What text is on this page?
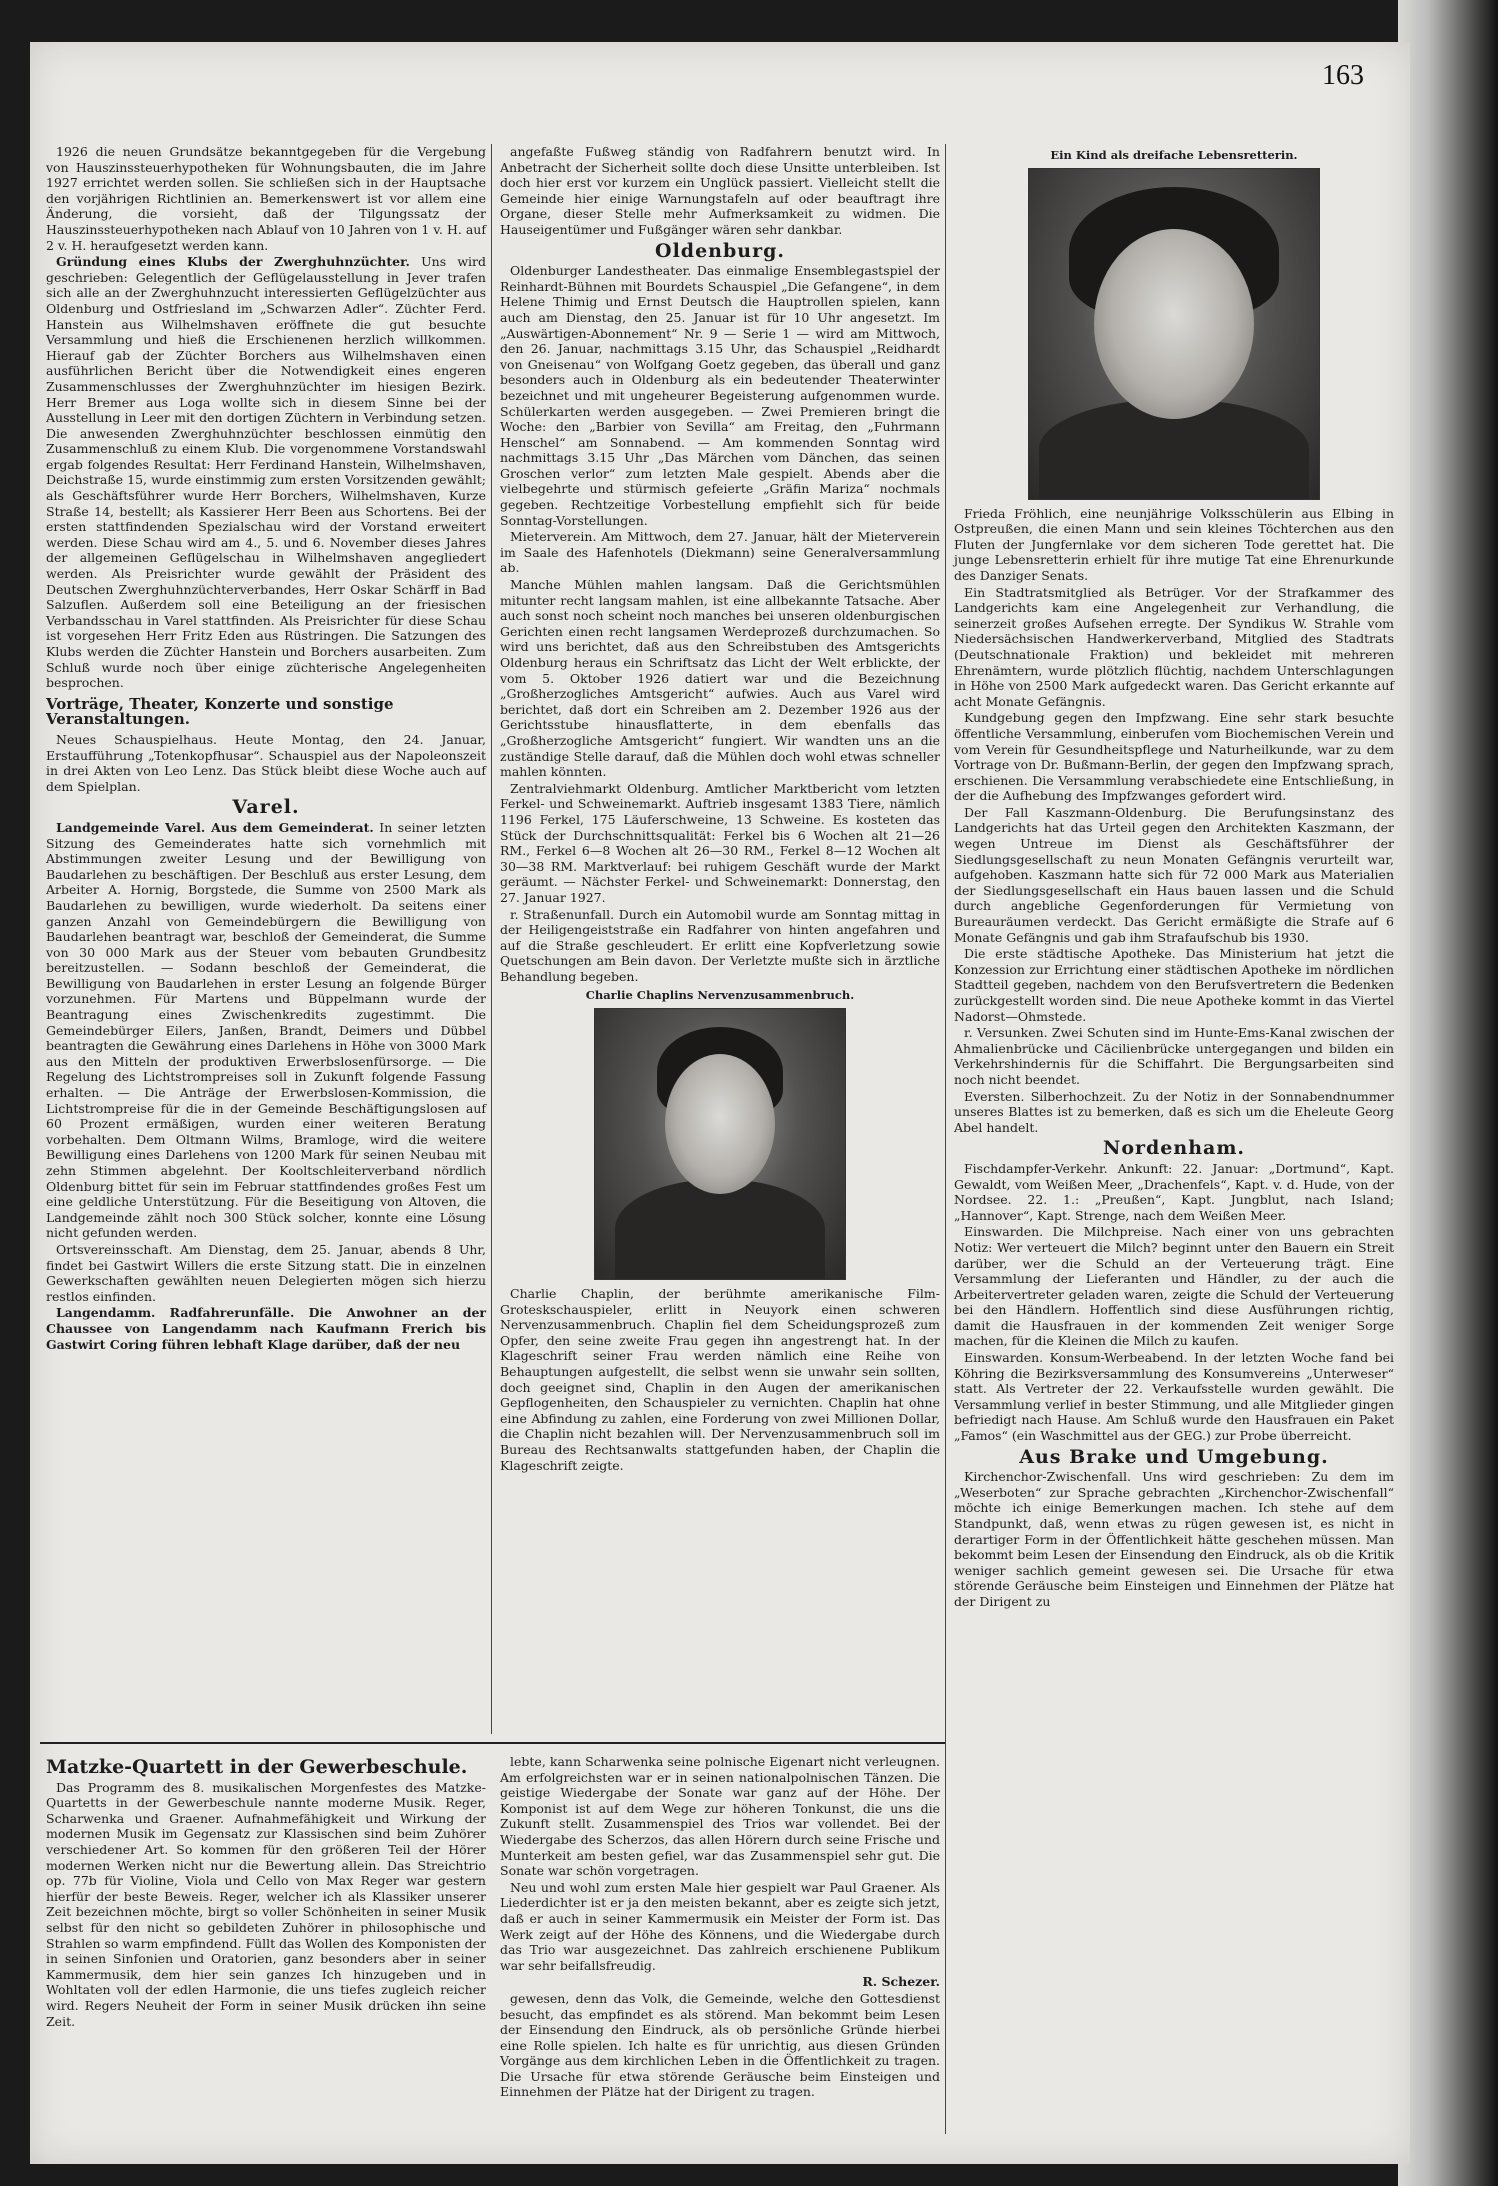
163

1926 die neuen Grundsätze bekanntgegeben für die Vergebung von Hauszinssteuerhypotheken für Wohnungsbauten, die im Jahre 1927 errichtet werden sollen. Sie schließen sich in der Hauptsache den vorjährigen Richtlinien an. Bemerkenswert ist vor allem eine Änderung, die vorsieht, daß der Tilgungssatz der Hauszinssteuerhypotheken nach Ablauf von 10 Jahren von 1 v. H. auf 2 v. H. heraufgesetzt werden kann.

Gründung eines Klubs der Zwerghuhnzüchter. Uns wird geschrieben: Gelegentlich der Geflügelausstellung in Jever trafen sich alle an der Zwerghuhnzucht interessierten Geflügelzüchter aus Oldenburg und Ostfriesland im „Schwarzen Adler“. Züchter Ferd. Hanstein aus Wilhelmshaven eröffnete die gut besuchte Versammlung und hieß die Erschienenen herzlich willkommen. Hierauf gab der Züchter Borchers aus Wilhelmshaven einen ausführlichen Bericht über die Notwendigkeit eines engeren Zusammenschlusses der Zwerghuhnzüchter im hiesigen Bezirk. Herr Bremer aus Loga wollte sich in diesem Sinne bei der Ausstellung in Leer mit den dortigen Züchtern in Verbindung setzen. Die anwesenden Zwerghuhnzüchter beschlossen einmütig den Zusammenschluß zu einem Klub. Die vorgenommene Vorstandswahl ergab folgendes Resultat: Herr Ferdinand Hanstein, Wilhelmshaven, Deichstraße 15, wurde einstimmig zum ersten Vorsitzenden gewählt; als Geschäftsführer wurde Herr Borchers, Wilhelmshaven, Kurze Straße 14, bestellt; als Kassierer Herr Been aus Schortens. Bei der ersten stattfindenden Spezialschau wird der Vorstand erweitert werden. Diese Schau wird am 4., 5. und 6. November dieses Jahres der allgemeinen Geflügelschau in Wilhelmshaven angegliedert werden. Als Preisrichter wurde gewählt der Präsident des Deutschen Zwerghuhnzüchterverbandes, Herr Oskar Schärff in Bad Salzuflen. Außerdem soll eine Beteiligung an der friesischen Verbandsschau in Varel stattfinden. Als Preisrichter für diese Schau ist vorgesehen Herr Fritz Eden aus Rüstringen. Die Satzungen des Klubs werden die Züchter Hanstein und Borchers ausarbeiten. Zum Schluß wurde noch über einige züchterische Angelegenheiten besprochen.

Vorträge, Theater, Konzerte und sonstige Veranstaltungen.

Neues Schauspielhaus. Heute Montag, den 24. Januar, Erstaufführung „Totenkopfhusar“. Schauspiel aus der Napoleonszeit in drei Akten von Leo Lenz. Das Stück bleibt diese Woche auch auf dem Spielplan.

Varel.

Landgemeinde Varel. Aus dem Gemeinderat. In seiner letzten Sitzung des Gemeinderates hatte sich vornehmlich mit Abstimmungen zweiter Lesung und der Bewilligung von Baudarlehen zu beschäftigen. Der Beschluß aus erster Lesung, dem Arbeiter A. Hornig, Borgstede, die Summe von 2500 Mark als Baudarlehen zu bewilligen, wurde wiederholt. Da seitens einer ganzen Anzahl von Gemeindebürgern die Bewilligung von Baudarlehen beantragt war, beschloß der Gemeinderat, die Summe von 30 000 Mark aus der Steuer vom bebauten Grundbesitz bereitzustellen. — Sodann beschloß der Gemeinderat, die Bewilligung von Baudarlehen in erster Lesung an folgende Bürger vorzunehmen. Für Martens und Büppelmann wurde der Beantragung eines Zwischenkredits zugestimmt. Die Gemeindebürger Eilers, Janßen, Brandt, Deimers und Dübbel beantragten die Gewährung eines Darlehens in Höhe von 3000 Mark aus den Mitteln der produktiven Erwerbslosenfürsorge. — Die Regelung des Lichtstrompreises soll in Zukunft folgende Fassung erhalten. — Die Anträge der Erwerbslosen-Kommission, die Lichtstrompreise für die in der Gemeinde Beschäftigungslosen auf 60 Prozent ermäßigen, wurden einer weiteren Beratung vorbehalten. Dem Oltmann Wilms, Bramloge, wird die weitere Bewilligung eines Darlehens von 1200 Mark für seinen Neubau mit zehn Stimmen abgelehnt. Der Kooltschleiterverband nördlich Oldenburg bittet für sein im Februar stattfindendes großes Fest um eine geldliche Unterstützung. Für die Beseitigung von Altoven, die Landgemeinde zählt noch 300 Stück solcher, konnte eine Lösung nicht gefunden werden.

Ortsvereinsschaft. Am Dienstag, dem 25. Januar, abends 8 Uhr, findet bei Gastwirt Willers die erste Sitzung statt. Die in einzelnen Gewerkschaften gewählten neuen Delegierten mögen sich hierzu restlos einfinden.

Langendamm. Radfahrerunfälle. Die Anwohner an der Chaussee von Langendamm nach Kaufmann Frerich bis Gastwirt Coring führen lebhaft Klage darüber, daß der neu

angefaßte Fußweg ständig von Radfahrern benutzt wird. In Anbetracht der Sicherheit sollte doch diese Unsitte unterbleiben. Ist doch hier erst vor kurzem ein Unglück passiert. Vielleicht stellt die Gemeinde hier einige Warnungstafeln auf oder beauftragt ihre Organe, dieser Stelle mehr Aufmerksamkeit zu widmen. Die Hauseigentümer und Fußgänger wären sehr dankbar.

Oldenburg.

Oldenburger Landestheater. Das einmalige Ensemblegastspiel der Reinhardt-Bühnen mit Bourdets Schauspiel „Die Gefangene“, in dem Helene Thimig und Ernst Deutsch die Hauptrollen spielen, kann auch am Dienstag, den 25. Januar ist für 10 Uhr angesetzt. Im „Auswärtigen-Abonnement“ Nr. 9 — Serie 1 — wird am Mittwoch, den 26. Januar, nachmittags 3.15 Uhr, das Schauspiel „Reidhardt von Gneisenau“ von Wolfgang Goetz gegeben, das überall und ganz besonders auch in Oldenburg als ein bedeutender Theaterwinter bezeichnet und mit ungeheurer Begeisterung aufgenommen wurde. Schülerkarten werden ausgegeben. — Zwei Premieren bringt die Woche: den „Barbier von Sevilla“ am Freitag, den „Fuhrmann Henschel“ am Sonnabend. — Am kommenden Sonntag wird nachmittags 3.15 Uhr „Das Märchen vom Dänchen, das seinen Groschen verlor“ zum letzten Male gespielt. Abends aber die vielbegehrte und stürmisch gefeierte „Gräfin Mariza“ nochmals gegeben. Rechtzeitige Vorbestellung empfiehlt sich für beide Sonntag-Vorstellungen.

Mieterverein. Am Mittwoch, dem 27. Januar, hält der Mieterverein im Saale des Hafenhotels (Diekmann) seine Generalversammlung ab.

Manche Mühlen mahlen langsam. Daß die Gerichtsmühlen mitunter recht langsam mahlen, ist eine allbekannte Tatsache. Aber auch sonst noch scheint noch manches bei unseren oldenburgischen Gerichten einen recht langsamen Werdeprozeß durchzumachen. So wird uns berichtet, daß aus den Schreibstuben des Amtsgerichts Oldenburg heraus ein Schriftsatz das Licht der Welt erblickte, der vom 5. Oktober 1926 datiert war und die Bezeichnung „Großherzogliches Amtsgericht“ aufwies. Auch aus Varel wird berichtet, daß dort ein Schreiben am 2. Dezember 1926 aus der Gerichtsstube hinausflatterte, in dem ebenfalls das „Großherzogliche Amtsgericht“ fungiert. Wir wandten uns an die zuständige Stelle darauf, daß die Mühlen doch wohl etwas schneller mahlen könnten.

Zentralviehmarkt Oldenburg. Amtlicher Marktbericht vom letzten Ferkel- und Schweinemarkt. Auftrieb insgesamt 1383 Tiere, nämlich 1196 Ferkel, 175 Läuferschweine, 13 Schweine. Es kosteten das Stück der Durchschnittsqualität: Ferkel bis 6 Wochen alt 21—26 RM., Ferkel 6—8 Wochen alt 26—30 RM., Ferkel 8—12 Wochen alt 30—38 RM. Marktverlauf: bei ruhigem Geschäft wurde der Markt geräumt. — Nächster Ferkel- und Schweinemarkt: Donnerstag, den 27. Januar 1927.

r. Straßenunfall. Durch ein Automobil wurde am Sonntag mittag in der Heiligengeiststraße ein Radfahrer von hinten angefahren und auf die Straße geschleudert. Er erlitt eine Kopfverletzung sowie Quetschungen am Bein davon. Der Verletzte mußte sich in ärztliche Behandlung begeben.

Charlie Chaplins Nervenzusammenbruch.

Charlie Chaplin, der berühmte amerikanische Film-Groteskschauspieler, erlitt in Neuyork einen schweren Nervenzusammenbruch. Chaplin fiel dem Scheidungsprozeß zum Opfer, den seine zweite Frau gegen ihn angestrengt hat. In der Klageschrift seiner Frau werden nämlich eine Reihe von Behauptungen aufgestellt, die selbst wenn sie unwahr sein sollten, doch geeignet sind, Chaplin in den Augen der amerikanischen Gepflogenheiten, den Schauspieler zu vernichten. Chaplin hat ohne eine Abfindung zu zahlen, eine Forderung von zwei Millionen Dollar, die Chaplin nicht bezahlen will. Der Nervenzusammenbruch soll im Bureau des Rechtsanwalts stattgefunden haben, der Chaplin die Klageschrift zeigte.

Ein Kind als dreifache Lebensretterin.

Frieda Fröhlich, eine neunjährige Volksschülerin aus Elbing in Ostpreußen, die einen Mann und sein kleines Töchterchen aus den Fluten der Jungfernlake vor dem sicheren Tode gerettet hat. Die junge Lebensretterin erhielt für ihre mutige Tat eine Ehrenurkunde des Danziger Senats.

Ein Stadtratsmitglied als Betrüger. Vor der Strafkammer des Landgerichts kam eine Angelegenheit zur Verhandlung, die seinerzeit großes Aufsehen erregte. Der Syndikus W. Strahle vom Niedersächsischen Handwerkerverband, Mitglied des Stadtrats (Deutschnationale Fraktion) und bekleidet mit mehreren Ehrenämtern, wurde plötzlich flüchtig, nachdem Unterschlagungen in Höhe von 2500 Mark aufgedeckt waren. Das Gericht erkannte auf acht Monate Gefängnis.

Kundgebung gegen den Impfzwang. Eine sehr stark besuchte öffentliche Versammlung, einberufen vom Biochemischen Verein und vom Verein für Gesundheitspflege und Naturheilkunde, war zu dem Vortrage von Dr. Bußmann-Berlin, der gegen den Impfzwang sprach, erschienen. Die Versammlung verabschiedete eine Entschließung, in der die Aufhebung des Impfzwanges gefordert wird.

Der Fall Kaszmann-Oldenburg. Die Berufungsinstanz des Landgerichts hat das Urteil gegen den Architekten Kaszmann, der wegen Untreue im Dienst als Geschäftsführer der Siedlungsgesellschaft zu neun Monaten Gefängnis verurteilt war, aufgehoben. Kaszmann hatte sich für 72 000 Mark aus Materialien der Siedlungsgesellschaft ein Haus bauen lassen und die Schuld durch angebliche Gegenforderungen für Vermietung von Bureauräumen verdeckt. Das Gericht ermäßigte die Strafe auf 6 Monate Gefängnis und gab ihm Strafaufschub bis 1930.

Die erste städtische Apotheke. Das Ministerium hat jetzt die Konzession zur Errichtung einer städtischen Apotheke im nördlichen Stadtteil gegeben, nachdem von den Berufsvertretern die Bedenken zurückgestellt worden sind. Die neue Apotheke kommt in das Viertel Nadorst—Ohmstede.

r. Versunken. Zwei Schuten sind im Hunte-Ems-Kanal zwischen der Ahmalienbrücke und Cäcilienbrücke untergegangen und bilden ein Verkehrshindernis für die Schiffahrt. Die Bergungsarbeiten sind noch nicht beendet.

Eversten. Silberhochzeit. Zu der Notiz in der Sonnabendnummer unseres Blattes ist zu bemerken, daß es sich um die Eheleute Georg Abel handelt.

Nordenham.

Fischdampfer-Verkehr. Ankunft: 22. Januar: „Dortmund“, Kapt. Gewaldt, vom Weißen Meer, „Drachenfels“, Kapt. v. d. Hude, von der Nordsee. 22. 1.: „Preußen“, Kapt. Jungblut, nach Island; „Hannover“, Kapt. Strenge, nach dem Weißen Meer.

Einswarden. Die Milchpreise. Nach einer von uns gebrachten Notiz: Wer verteuert die Milch? beginnt unter den Bauern ein Streit darüber, wer die Schuld an der Verteuerung trägt. Eine Versammlung der Lieferanten und Händler, zu der auch die Arbeitervertreter geladen waren, zeigte die Schuld der Verteuerung bei den Händlern. Hoffentlich sind diese Ausführungen richtig, damit die Hausfrauen in der kommenden Zeit weniger Sorge machen, für die Kleinen die Milch zu kaufen.

Einswarden. Konsum-Werbeabend. In der letzten Woche fand bei Köhring die Bezirksversammlung des Konsumvereins „Unterweser“ statt. Als Vertreter der 22. Verkaufsstelle wurden gewählt. Die Versammlung verlief in bester Stimmung, und alle Mitglieder gingen befriedigt nach Hause. Am Schluß wurde den Hausfrauen ein Paket „Famos“ (ein Waschmittel aus der GEG.) zur Probe überreicht.

Aus Brake und Umgebung.

Kirchenchor-Zwischenfall. Uns wird geschrieben: Zu dem im „Weserboten“ zur Sprache gebrachten „Kirchenchor-Zwischenfall“ möchte ich einige Bemerkungen machen. Ich stehe auf dem Standpunkt, daß, wenn etwas zu rügen gewesen ist, es nicht in derartiger Form in der Öffentlichkeit hätte geschehen müssen. Man bekommt beim Lesen der Einsendung den Eindruck, als ob die Kritik weniger sachlich gemeint gewesen sei. Die Ursache für etwa störende Geräusche beim Einsteigen und Einnehmen der Plätze hat der Dirigent zu

Matzke-Quartett in der Gewerbeschule.

Das Programm des 8. musikalischen Morgenfestes des Matzke-Quartetts in der Gewerbeschule nannte moderne Musik. Reger, Scharwenka und Graener. Aufnahmefähigkeit und Wirkung der modernen Musik im Gegensatz zur Klassischen sind beim Zuhörer verschiedener Art. So kommen für den größeren Teil der Hörer modernen Werken nicht nur die Bewertung allein. Das Streichtrio op. 77b für Violine, Viola und Cello von Max Reger war gestern hierfür der beste Beweis. Reger, welcher ich als Klassiker unserer Zeit bezeichnen möchte, birgt so voller Schönheiten in seiner Musik selbst für den nicht so gebildeten Zuhörer in philosophische und Strahlen so warm empfindend. Füllt das Wollen des Komponisten der in seinen Sinfonien und Oratorien, ganz besonders aber in seiner Kammermusik, dem hier sein ganzes Ich hinzugeben und in Wohltaten voll der edlen Harmonie, die uns tiefes zugleich reicher wird. Regers Neuheit der Form in seiner Musik drücken ihn seine Zeit.

lebte, kann Scharwenka seine polnische Eigenart nicht verleugnen. Am erfolgreichsten war er in seinen nationalpolnischen Tänzen. Die geistige Wiedergabe der Sonate war ganz auf der Höhe. Der Komponist ist auf dem Wege zur höheren Tonkunst, die uns die Zukunft stellt. Zusammenspiel des Trios war vollendet. Bei der Wiedergabe des Scherzos, das allen Hörern durch seine Frische und Munterkeit am besten gefiel, war das Zusammenspiel sehr gut. Die Sonate war schön vorgetragen.

Neu und wohl zum ersten Male hier gespielt war Paul Graener. Als Liederdichter ist er ja den meisten bekannt, aber es zeigte sich jetzt, daß er auch in seiner Kammermusik ein Meister der Form ist. Das Werk zeigt auf der Höhe des Könnens, und die Wiedergabe durch das Trio war ausgezeichnet. Das zahlreich erschienene Publikum war sehr beifallsfreudig.

R. Schezer.

gewesen, denn das Volk, die Gemeinde, welche den Gottesdienst besucht, das empfindet es als störend. Man bekommt beim Lesen der Einsendung den Eindruck, als ob persönliche Gründe hierbei eine Rolle spielen. Ich halte es für unrichtig, aus diesen Gründen Vorgänge aus dem kirchlichen Leben in die Öffentlichkeit zu tragen. Die Ursache für etwa störende Geräusche beim Einsteigen und Einnehmen der Plätze hat der Dirigent zu tragen.
